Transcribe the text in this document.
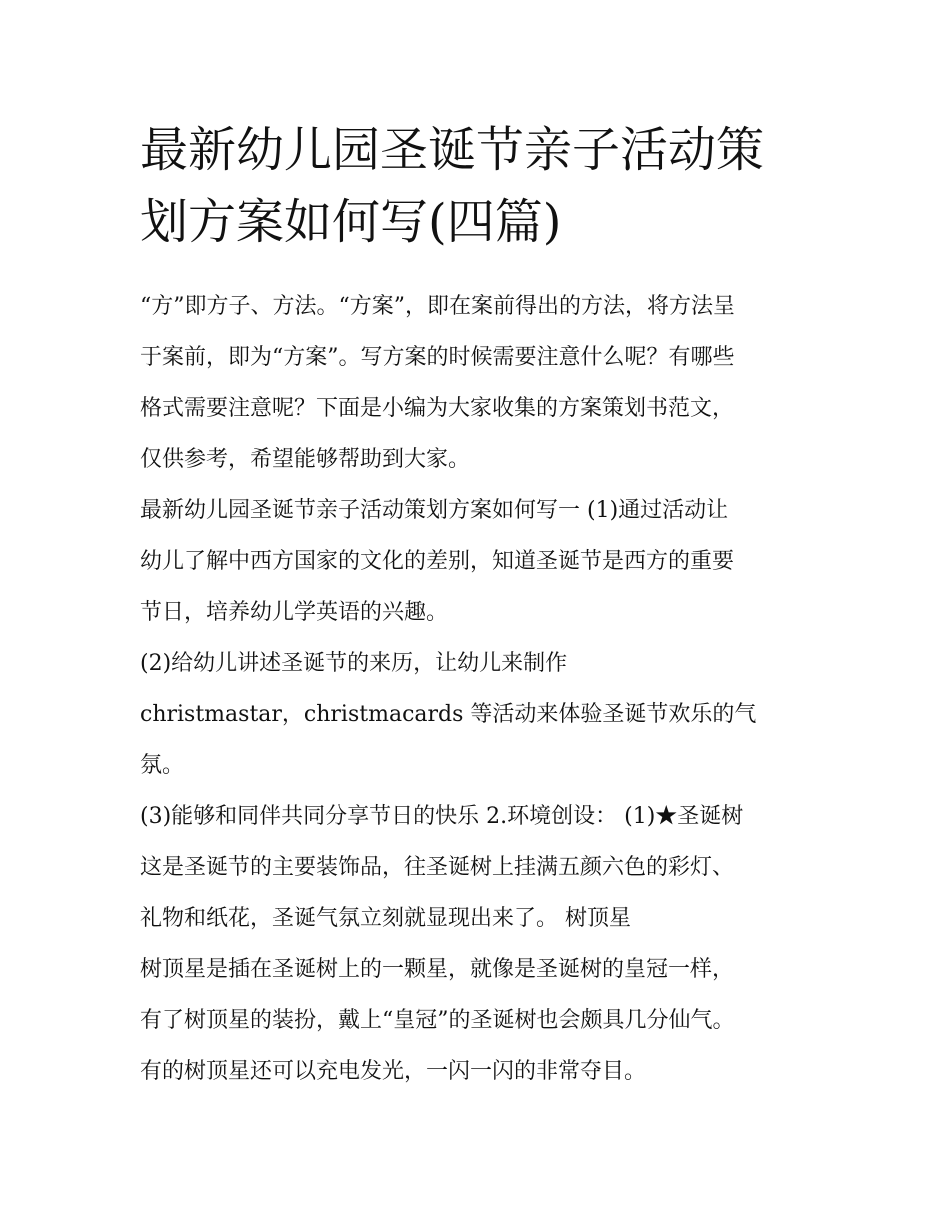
最新幼儿园圣诞节亲子活动策
划方案如何写(四篇)
“方”即方子、方法。“方案”，即在案前得出的方法，将方法呈
于案前，即为“方案”。写方案的时候需要注意什么呢？有哪些
格式需要注意呢？下面是小编为大家收集的方案策划书范文，
仅供参考，希望能够帮助到大家。
最新幼儿园圣诞节亲子活动策划方案如何写一 (1)通过活动让
幼儿了解中西方国家的文化的差别，知道圣诞节是西方的重要
节日，培养幼儿学英语的兴趣。
(2)给幼儿讲述圣诞节的来历，让幼儿来制作
christmastar，christmacards 等活动来体验圣诞节欢乐的气
氛。
(3)能够和同伴共同分享节日的快乐 2.环境创设： (1)★圣诞树
这是圣诞节的主要装饰品，往圣诞树上挂满五颜六色的彩灯、
礼物和纸花，圣诞气氛立刻就显现出来了。 树顶星
树顶星是插在圣诞树上的一颗星，就像是圣诞树的皇冠一样，
有了树顶星的装扮，戴上“皇冠”的圣诞树也会颇具几分仙气。
有的树顶星还可以充电发光，一闪一闪的非常夺目。
